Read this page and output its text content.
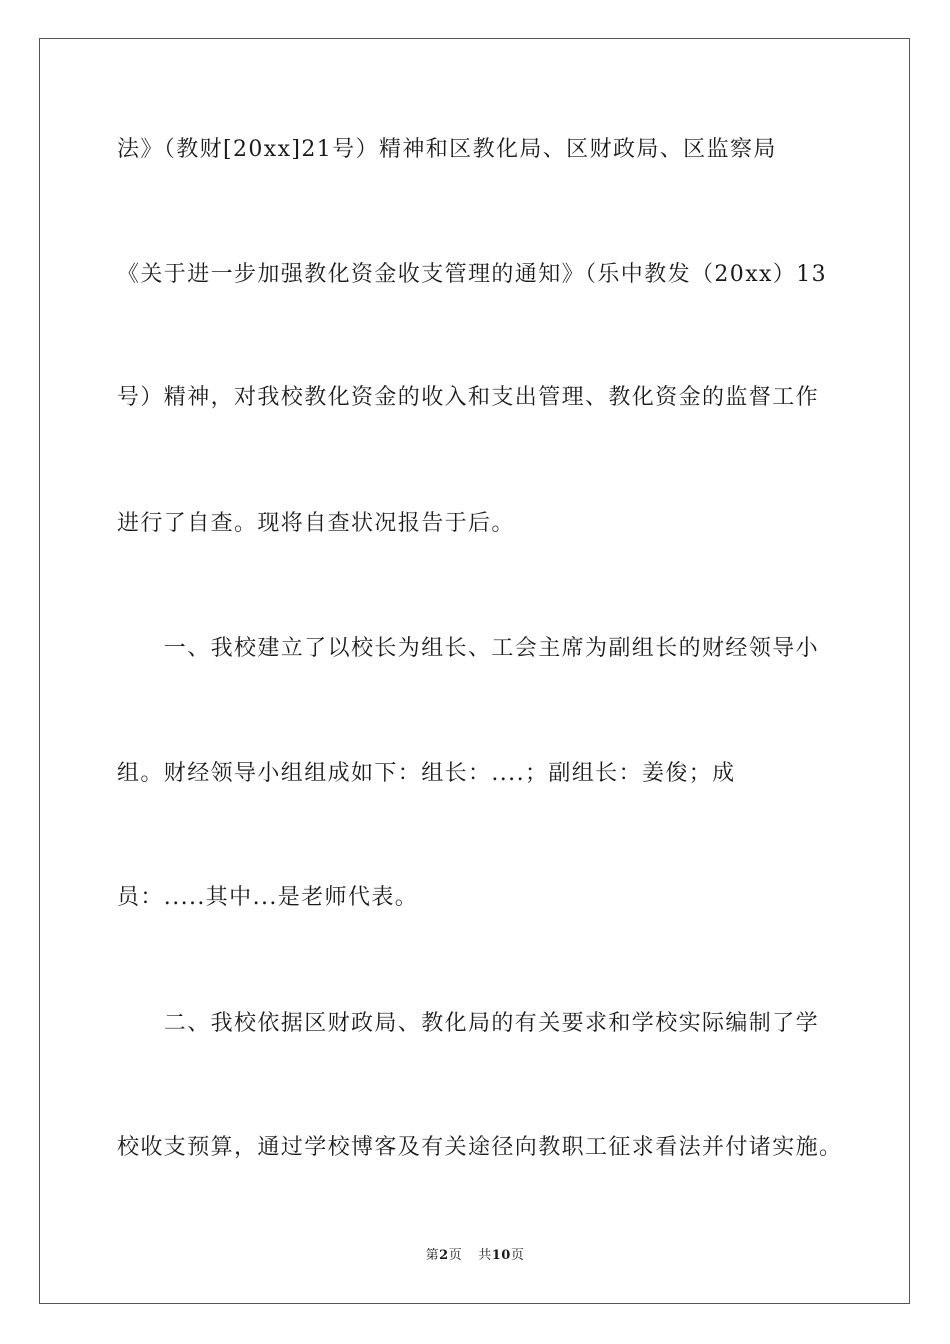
法》（教财[20xx]21号）精神和区教化局、区财政局、区监察局
《关于进一步加强教化资金收支管理的通知》（乐中教发（20xx）13
号）精神，对我校教化资金的收入和支出管理、教化资金的监督工作
进行了自查。现将自查状况报告于后。
　　一、我校建立了以校长为组长、工会主席为副组长的财经领导小
组。财经领导小组组成如下：组长：....；副组长：姜俊；成
员：.....其中...是老师代表。
　　二、我校依据区财政局、教化局的有关要求和学校实际编制了学
校收支预算，通过学校博客及有关途径向教职工征求看法并付诸实施。
第2页 共10页
